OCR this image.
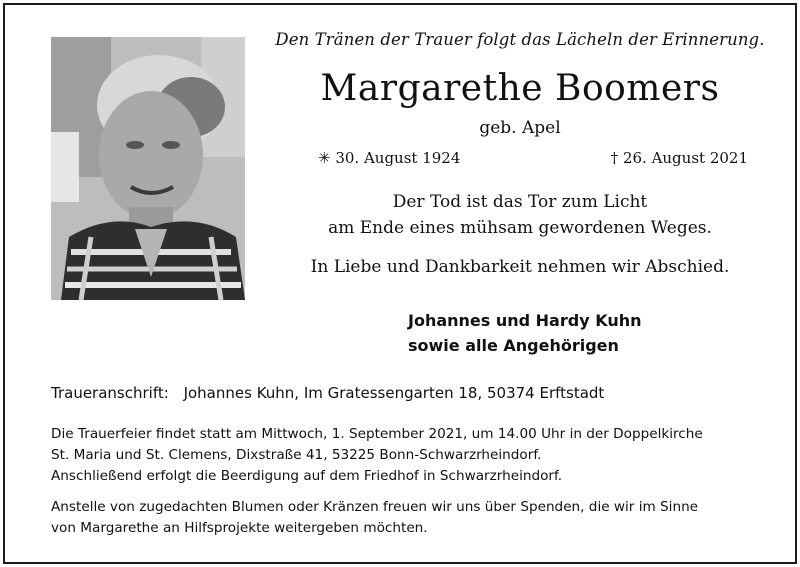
Den Tränen der Trauer folgt das Lächeln der Erinnerung.
Margarethe Boomers
geb. Apel
✳ 30. August 1924	† 26. August 2021
Der Tod ist das Tor zum Licht
am Ende eines mühsam gewordenen Weges.
In Liebe und Dankbarkeit nehmen wir Abschied.
Johannes und Hardy Kuhn
sowie alle Angehörigen
Traueranschrift: Johannes Kuhn, Im Gratessengarten 18, 50374 Erftstadt
Die Trauerfeier findet statt am Mittwoch, 1. September 2021, um 14.00 Uhr in der Doppelkirche
St. Maria und St. Clemens, Dixstraße 41, 53225 Bonn-Schwarzrheindorf.
Anschließend erfolgt die Beerdigung auf dem Friedhof in Schwarzrheindorf.
Anstelle von zugedachten Blumen oder Kränzen freuen wir uns über Spenden, die wir im Sinne
von Margarethe an Hilfsprojekte weitergeben möchten.
